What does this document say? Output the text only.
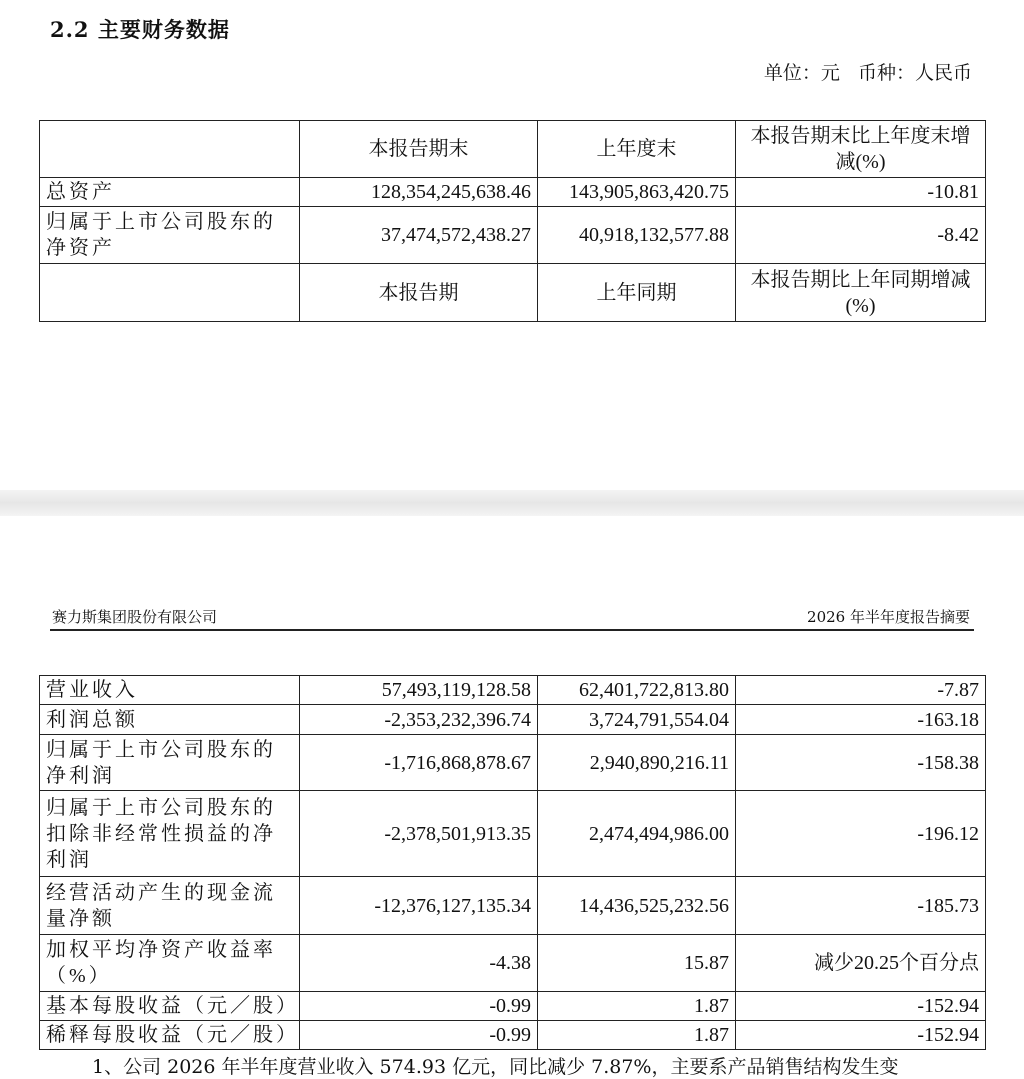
2.2 主要财务数据
单位：元   币种：人民币
	本报告期末	上年度末	本报告期末比上年度末增减(%)
总资产	128,354,245,638.46	143,905,863,420.75	-10.81
归属于上市公司股东的净资产	37,474,572,438.27	40,918,132,577.88	-8.42
	本报告期	上年同期	本报告期比上年同期增减(%)
赛力斯集团股份有限公司	2026 年半年度报告摘要
营业收入	57,493,119,128.58	62,401,722,813.80	-7.87
利润总额	-2,353,232,396.74	3,724,791,554.04	-163.18
归属于上市公司股东的净利润	-1,716,868,878.67	2,940,890,216.11	-158.38
归属于上市公司股东的扣除非经常性损益的净利润	-2,378,501,913.35	2,474,494,986.00	-196.12
经营活动产生的现金流量净额	-12,376,127,135.34	14,436,525,232.56	-185.73
加权平均净资产收益率（%）	-4.38	15.87	减少20.25个百分点
基本每股收益（元／股）	-0.99	1.87	-152.94
稀释每股收益（元／股）	-0.99	1.87	-152.94
1、公司 2026 年半年度营业收入 574.93 亿元，同比减少 7.87%，主要系产品销售结构发生变
